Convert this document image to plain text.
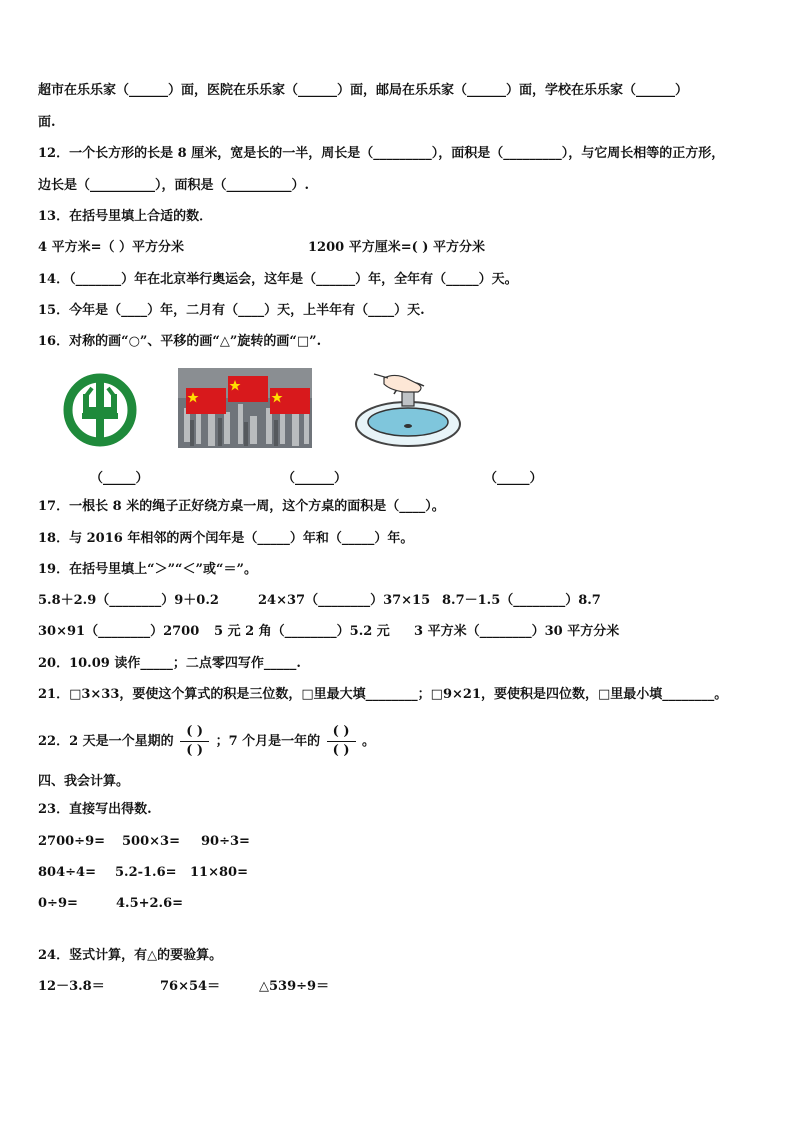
超市在乐乐家（______）面，医院在乐乐家（______）面，邮局在乐乐家（______）面，学校在乐乐家（______）
面.
12．一个长方形的长是 8 厘米，宽是长的一半，周长是（_________），面积是（_________），与它周长相等的正方形，
边长是（__________），面积是（__________）.
13．在括号里填上合适的数．
4 平方米=（ ）平方分米	1200 平方厘米=( ) 平方分米
14．（_______）年在北京举行奥运会，这年是（______）年，全年有（_____）天。
15．今年是（____）年，二月有（____）天，上半年有（____）天.
16．对称的画“○”、平移的画“△”旋转的画“□”.
（_____）	（______）	（_____）
17．一根长 8 米的绳子正好绕方桌一周，这个方桌的面积是（____）。
18．与 2016 年相邻的两个闰年是（_____）年和（_____）年。
19．在括号里填上“＞”“＜”或“＝”。
5.8＋2.9（________）9＋0.2	24×37（________）37×15 8.7－1.5（________）8.7
30×91（________）2700 5 元 2 角（________）5.2 元 3 平方米（________）30 平方分米
20．10.09 读作_____；二点零四写作_____.
21．□3×33，要使这个算式的积是三位数，□里最大填________；□9×21，要使积是四位数，□里最小填________。
22．2 天是一个星期的 $\frac{( )}{( )}$ ；7 个月是一年的 $\frac{( )}{( )}$ 。
四、我会计算。
23．直接写出得数.
2700÷9= 500×3= 90÷3=
804÷4= 5.2-1.6= 11×80=
0÷9=	4.5+2.6=
24．竖式计算，有△的要验算。
12－3.8＝	76×54＝	△539÷9＝
